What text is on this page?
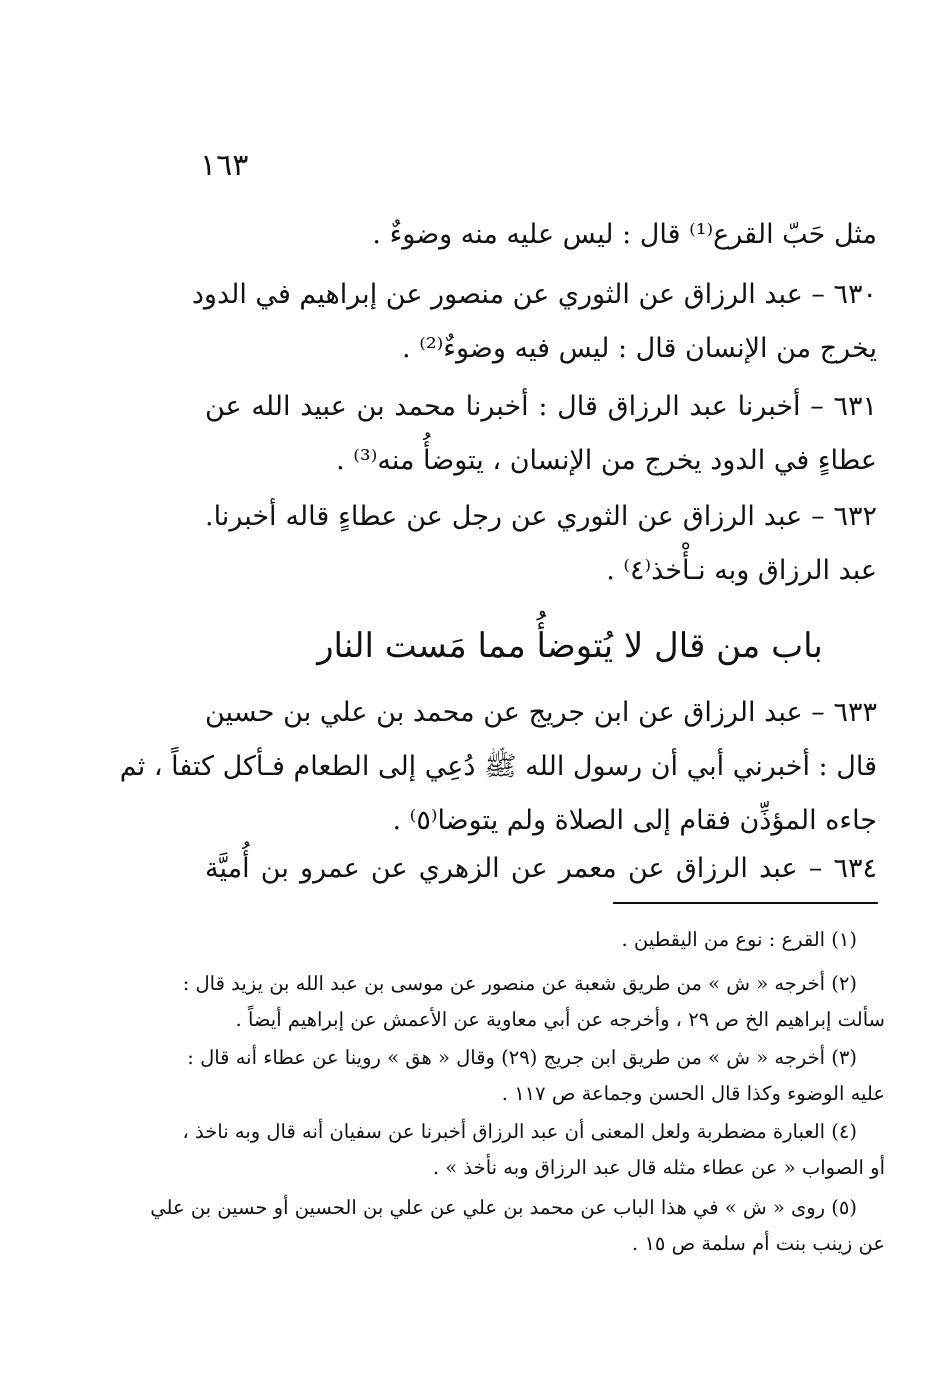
١٦٣
مثل حَبّ القرع⁽¹⁾ قال : ليس عليه منه وضوءٌ .
٦٣٠ – عبد الرزاق عن الثوري عن منصور عن إبراهيم في الدود
يخرج من الإنسان قال : ليس فيه وضوءٌ⁽²⁾ .
٦٣١ – أخبرنا عبد الرزاق قال : أخبرنا محمد بن عبيد الله عن
عطاءٍ في الدود يخرج من الإنسان ، يتوضأُ منه⁽³⁾ .
٦٣٢ – عبد الرزاق عن الثوري عن رجل عن عطاءٍ قاله أخبرنا.
عبد الرزاق وبه نـأْخذ⁽٤⁾ .
باب من قال لا يُتوضأُ مما مَست النار
٦٣٣ – عبد الرزاق عن ابن جريج عن محمد بن علي بن حسين
قال : أخبرني أبي أن رسول الله ﷺ دُعِي إلى الطعام فـأكل كتفاً ، ثم
جاءه المؤذِّن فقام إلى الصلاة ولم يتوضا⁽٥⁾ .
٦٣٤ – عبد الرزاق عن معمر عن الزهري عن عمرو بن أُميَّة
(١) القرع : نوع من اليقطين .
(٢) أخرجه « ش » من طريق شعبة عن منصور عن موسى بن عبد الله بن يزيد قال :
سألت إبراهيم الخ ص ٢٩ ، وأخرجه عن أبي معاوية عن الأعمش عن إبراهيم أيضاً .
(٣) أخرجه « ش » من طريق ابن جريج (٢٩) وقال « هق » روينا عن عطاء أنه قال :
عليه الوضوء وكذا قال الحسن وجماعة ص ١١٧ .
(٤) العبارة مضطربة ولعل المعنى أن عبد الرزاق أخبرنا عن سفيان أنه قال وبه ناخذ ،
أو الصواب « عن عطاء مثله قال عبد الرزاق وبه نأخذ » .
(٥) روى « ش » في هذا الباب عن محمد بن علي عن علي بن الحسين أو حسين بن علي
عن زينب بنت أم سلمة ص ١٥ .
